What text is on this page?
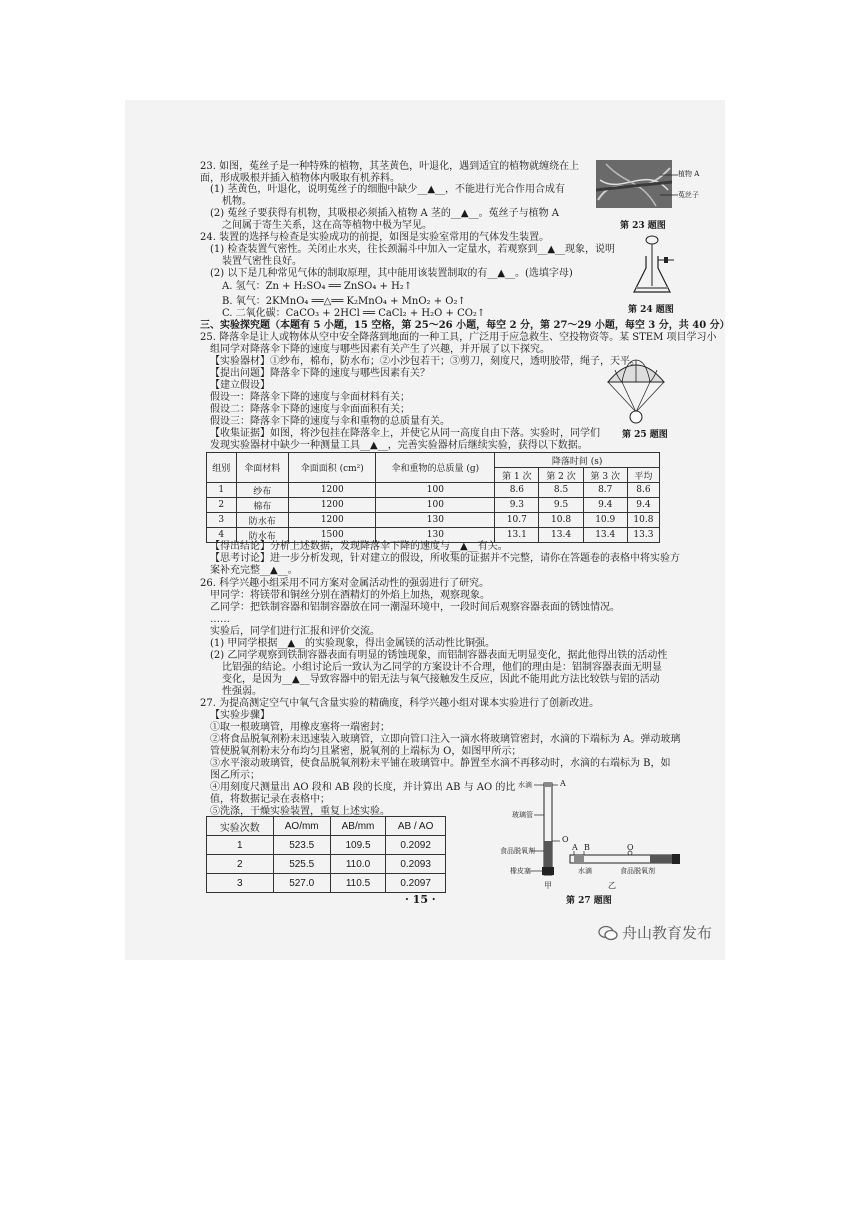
23. 如图，菟丝子是一种特殊的植物，其茎黄色，叶退化，遇到适宜的植物就缠绕在上
面，形成吸根并插入植物体内吸取有机养料。
(1) 茎黄色，叶退化，说明菟丝子的细胞中缺少__▲__，不能进行光合作用合成有
机物。
(2) 菟丝子要获得有机物，其吸根必须插入植物 A 茎的__▲__。菟丝子与植物 A
之间属于寄生关系，这在高等植物中极为罕见。
24. 装置的选择与检查是实验成功的前提，如图是实验室常用的气体发生装置。
(1) 检查装置气密性。关闭止水夹，往长颈漏斗中加入一定量水，若观察到__▲__现象，说明
装置气密性良好。
(2) 以下是几种常见气体的制取原理，其中能用该装置制取的有__▲__。(选填字母)
A. 氢气：Zn + H₂SO₄ ══ ZnSO₄ + H₂↑
B. 氧气：2KMnO₄ ══△══ K₂MnO₄ + MnO₂ + O₂↑
C. 二氧化碳：CaCO₃ + 2HCl ══ CaCl₂ + H₂O + CO₂↑
三、实验探究题（本题有 5 小题，15 空格，第 25～26 小题，每空 2 分，第 27～29 小题，每空 3 分，共 40 分）
25. 降落伞是让人或物体从空中安全降落到地面的一种工具，广泛用于应急救生、空投物资等。某 STEM 项目学习小
组同学对降落伞下降的速度与哪些因素有关产生了兴趣，并开展了以下探究。
【实验器材】①纱布，棉布，防水布；②小沙包若干；③剪刀，刻度尺，透明胶带，绳子，天平。
【提出问题】降落伞下降的速度与哪些因素有关？
【建立假设】
假设一：降落伞下降的速度与伞面材料有关；
假设二：降落伞下降的速度与伞面面积有关；
假设三：降落伞下降的速度与伞和重物的总质量有关。
【收集证据】如图，将沙包挂在降落伞上，并使它从同一高度自由下落。实验时，同学们
发现实验器材中缺少一种测量工具__▲__，完善实验器材后继续实验，获得以下数据。
【得出结论】分析上述数据，发现降落伞下降的速度与__▲__有关。
【思考讨论】进一步分析发现，针对建立的假设，所收集的证据并不完整，请你在答题卷的表格中将实验方
案补充完整__▲__。
26. 科学兴趣小组采用不同方案对金属活动性的强弱进行了研究。
甲同学：将镁带和铜丝分别在酒精灯的外焰上加热，观察现象。
乙同学：把铁制容器和铝制容器放在同一潮湿环境中，一段时间后观察容器表面的锈蚀情况。
……
实验后，同学们进行汇报和评价交流。
(1) 甲同学根据__▲__的实验现象，得出金属镁的活动性比铜强。
(2) 乙同学观察到铁制容器表面有明显的锈蚀现象，而铝制容器表面无明显变化，据此他得出铁的活动性
比铝强的结论。小组讨论后一致认为乙同学的方案设计不合理，他们的理由是：铝制容器表面无明显
变化，是因为__▲__导致容器中的铝无法与氧气接触发生反应，因此不能用此方法比较铁与铝的活动
性强弱。
27. 为提高测定空气中氧气含量实验的精确度，科学兴趣小组对课本实验进行了创新改进。
【实验步骤】
①取一根玻璃管，用橡皮塞将一端密封；
②将食品脱氧剂粉末迅速装入玻璃管，立即向管口注入一滴水将玻璃管密封，水滴的下端标为 A。弹动玻璃
管使脱氧剂粉末分布均匀且紧密，脱氧剂的上端标为 O，如图甲所示；
③水平滚动玻璃管，使食品脱氧剂粉末平铺在玻璃管中。静置至水滴不再移动时，水滴的右端标为 B，如
图乙所示；
④用刻度尺测量出 AO 段和 AB 段的长度，并计算出 AB 与 AO 的比
值，将数据记录在表格中；
⑤洗涤，干燥实验装置，重复上述实验。
植物 A
菟丝子
第 23 题图
第 24 题图
第 25 题图
组别	伞面材料	伞面面积 (cm²)	伞和重物的总质量 (g)	降落时间 (s)			
				第 1 次	第 2 次	第 3 次	平均
1	纱布	1200	100	8.6	8.5	8.7	8.6
2	棉布	1200	100	9.3	9.5	9.4	9.4
3	防水布	1200	130	10.7	10.8	10.9	10.8
4	防水布	1500	130	13.1	13.4	13.4	13.3
水滴
玻璃管
食品脱氧剂
橡皮塞
A
O
A B	O
水滴	食品脱氧剂
甲	乙
第 27 题图
实验次数	AO/mm	AB/mm	AB / AO
1	523.5	109.5	0.2092
2	525.5	110.0	0.2093
3	527.0	110.5	0.2097
· 15 ·
舟山教育发布
